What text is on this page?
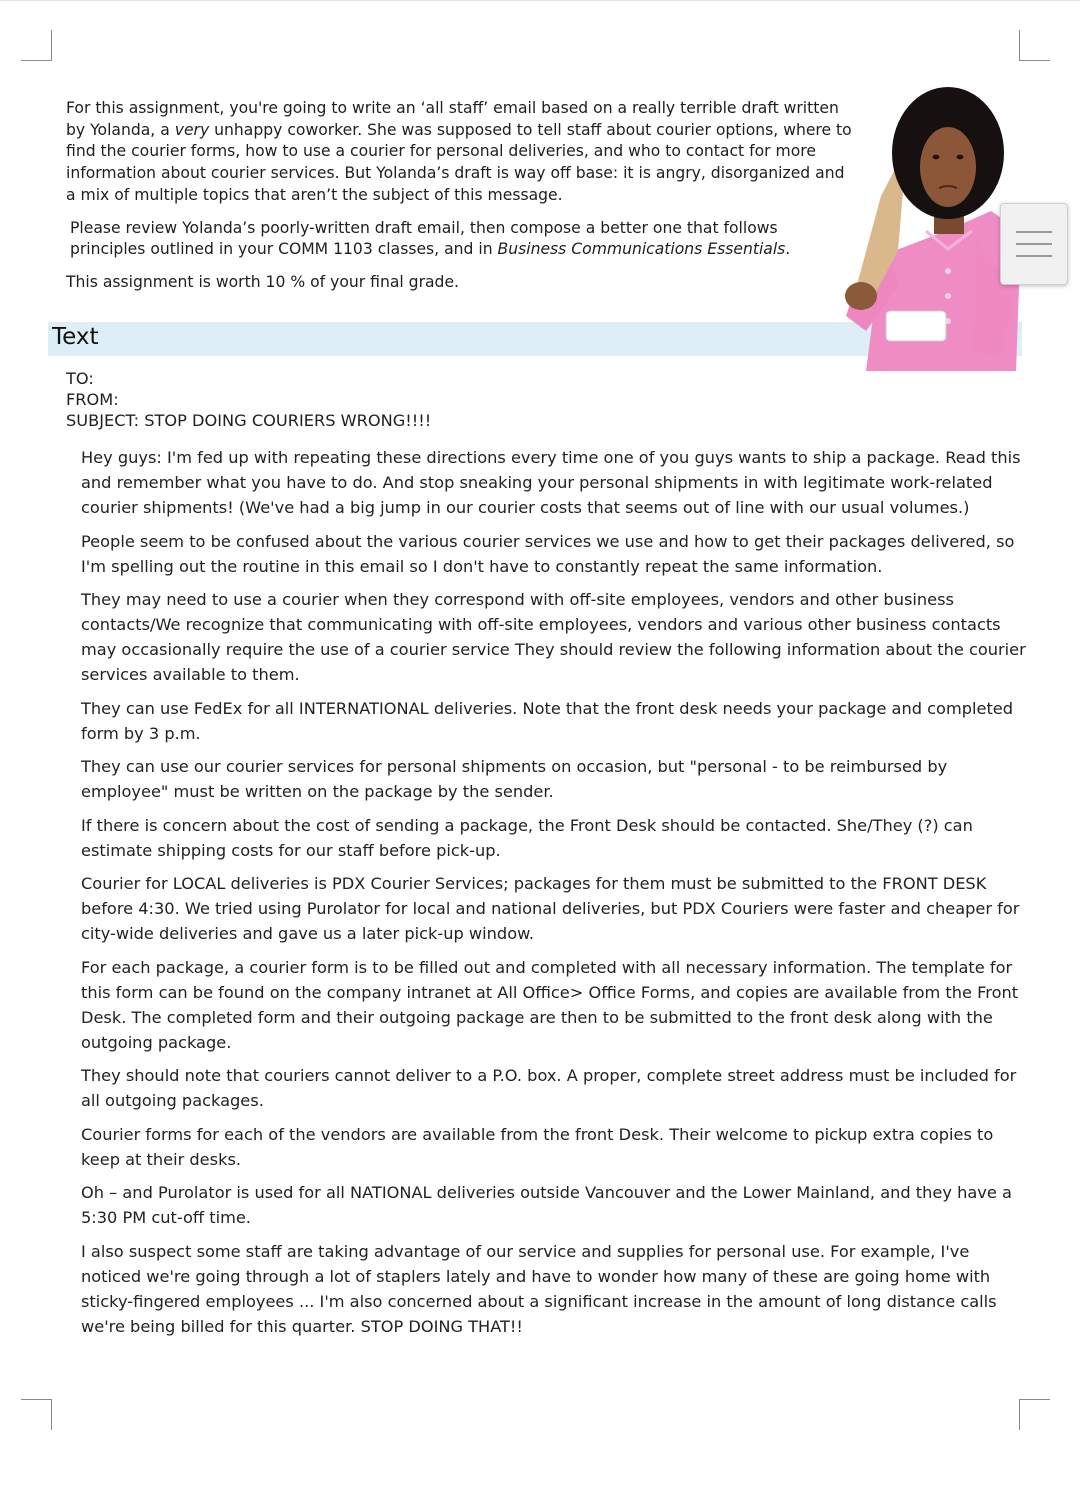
For this assignment, you're going to write an ‘all staff’ email based on a really terrible draft written by Yolanda, a very unhappy coworker. She was supposed to tell staff about courier options, where to find the courier forms, how to use a courier for personal deliveries, and who to contact for more information about courier services. But Yolanda’s draft is way off base: it is angry, disorganized and a mix of multiple topics that aren’t the subject of this message.

Please review Yolanda’s poorly-written draft email, then compose a better one that follows principles outlined in your COMM 1103 classes, and in Business Communications Essentials.

This assignment is worth 10 % of your final grade.

Text
TO:
FROM:
SUBJECT: STOP DOING COURIERS WRONG!!!!

Hey guys: I'm fed up with repeating these directions every time one of you guys wants to ship a package. Read this and remember what you have to do. And stop sneaking your personal shipments in with legitimate work-related courier shipments! (We've had a big jump in our courier costs that seems out of line with our usual volumes.)

People seem to be confused about the various courier services we use and how to get their packages delivered, so I'm spelling out the routine in this email so I don't have to constantly repeat the same information.

They may need to use a courier when they correspond with off-site employees, vendors and other business contacts/We recognize that communicating with off-site employees, vendors and various other business contacts may occasionally require the use of a courier service They should review the following information about the courier services available to them.

They can use FedEx for all INTERNATIONAL deliveries. Note that the front desk needs your package and completed form by 3 p.m.

They can use our courier services for personal shipments on occasion, but "personal - to be reimbursed by employee" must be written on the package by the sender.

If there is concern about the cost of sending a package, the Front Desk should be contacted. She/They (?) can estimate shipping costs for our staff before pick-up.

Courier for LOCAL deliveries is PDX Courier Services; packages for them must be submitted to the FRONT DESK before 4:30. We tried using Purolator for local and national deliveries, but PDX Couriers were faster and cheaper for city-wide deliveries and gave us a later pick-up window.

For each package, a courier form is to be filled out and completed with all necessary information. The template for this form can be found on the company intranet at All Office> Office Forms, and copies are available from the Front Desk. The completed form and their outgoing package are then to be submitted to the front desk along with the outgoing package.

They should note that couriers cannot deliver to a P.O. box. A proper, complete street address must be included for all outgoing packages.

Courier forms for each of the vendors are available from the front Desk. Their welcome to pickup extra copies to keep at their desks.

Oh – and Purolator is used for all NATIONAL deliveries outside Vancouver and the Lower Mainland, and they have a 5:30 PM cut-off time.

I also suspect some staff are taking advantage of our service and supplies for personal use. For example, I've noticed we're going through a lot of staplers lately and have to wonder how many of these are going home with sticky-fingered employees ... I'm also concerned about a significant increase in the amount of long distance calls we're being billed for this quarter. STOP DOING THAT!!
